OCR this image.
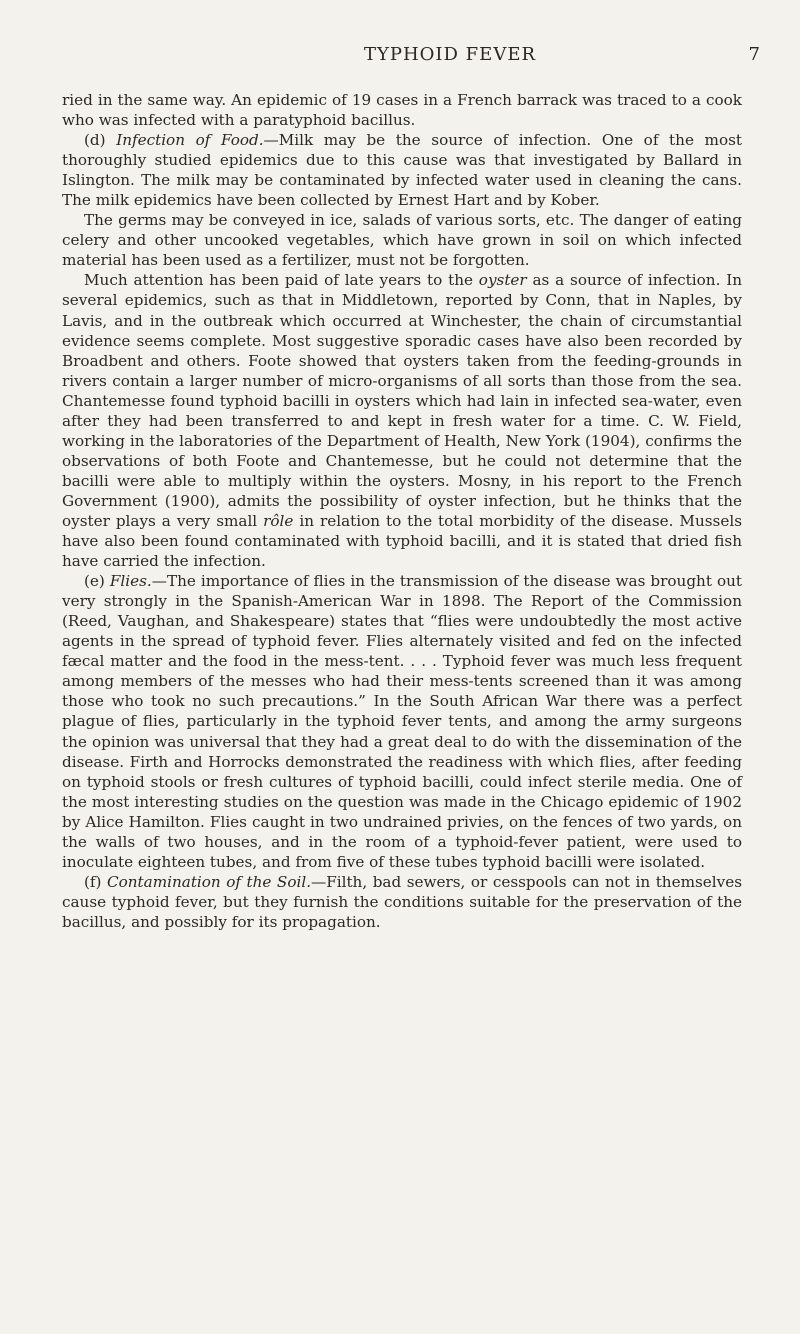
TYPHOID FEVER	7

ried in the same way. An epidemic of 19 cases in a French barrack was traced to a cook who was infected with a paratyphoid bacillus.

(d) Infection of Food.—Milk may be the source of infection. One of the most thoroughly studied epidemics due to this cause was that investigated by Ballard in Islington. The milk may be contaminated by infected water used in cleaning the cans. The milk epidemics have been collected by Ernest Hart and by Kober.

The germs may be conveyed in ice, salads of various sorts, etc. The danger of eating celery and other uncooked vegetables, which have grown in soil on which infected material has been used as a fertilizer, must not be forgotten.

Much attention has been paid of late years to the oyster as a source of infection. In several epidemics, such as that in Middletown, reported by Conn, that in Naples, by Lavis, and in the outbreak which occurred at Winchester, the chain of circumstantial evidence seems complete. Most suggestive sporadic cases have also been recorded by Broadbent and others. Foote showed that oysters taken from the feeding-grounds in rivers contain a larger number of micro-organisms of all sorts than those from the sea. Chantemesse found typhoid bacilli in oysters which had lain in infected sea-water, even after they had been transferred to and kept in fresh water for a time. C. W. Field, working in the laboratories of the Department of Health, New York (1904), confirms the observations of both Foote and Chantemesse, but he could not determine that the bacilli were able to multiply within the oysters. Mosny, in his report to the French Government (1900), admits the possibility of oyster infection, but he thinks that the oyster plays a very small rôle in relation to the total morbidity of the disease. Mussels have also been found contaminated with typhoid bacilli, and it is stated that dried fish have carried the infection.

(e) Flies.—The importance of flies in the transmission of the disease was brought out very strongly in the Spanish-American War in 1898. The Report of the Commission (Reed, Vaughan, and Shakespeare) states that “flies were undoubtedly the most active agents in the spread of typhoid fever. Flies alternately visited and fed on the infected fæcal matter and the food in the mess-tent. . . . Typhoid fever was much less frequent among members of the messes who had their mess-tents screened than it was among those who took no such precautions.” In the South African War there was a perfect plague of flies, particularly in the typhoid fever tents, and among the army surgeons the opinion was universal that they had a great deal to do with the dissemination of the disease. Firth and Horrocks demonstrated the readiness with which flies, after feeding on typhoid stools or fresh cultures of typhoid bacilli, could infect sterile media. One of the most interesting studies on the question was made in the Chicago epidemic of 1902 by Alice Hamilton. Flies caught in two undrained privies, on the fences of two yards, on the walls of two houses, and in the room of a typhoid-fever patient, were used to inoculate eighteen tubes, and from five of these tubes typhoid bacilli were isolated.

(f) Contamination of the Soil.—Filth, bad sewers, or cesspools can not in themselves cause typhoid fever, but they furnish the conditions suitable for the preservation of the bacillus, and possibly for its propagation.
